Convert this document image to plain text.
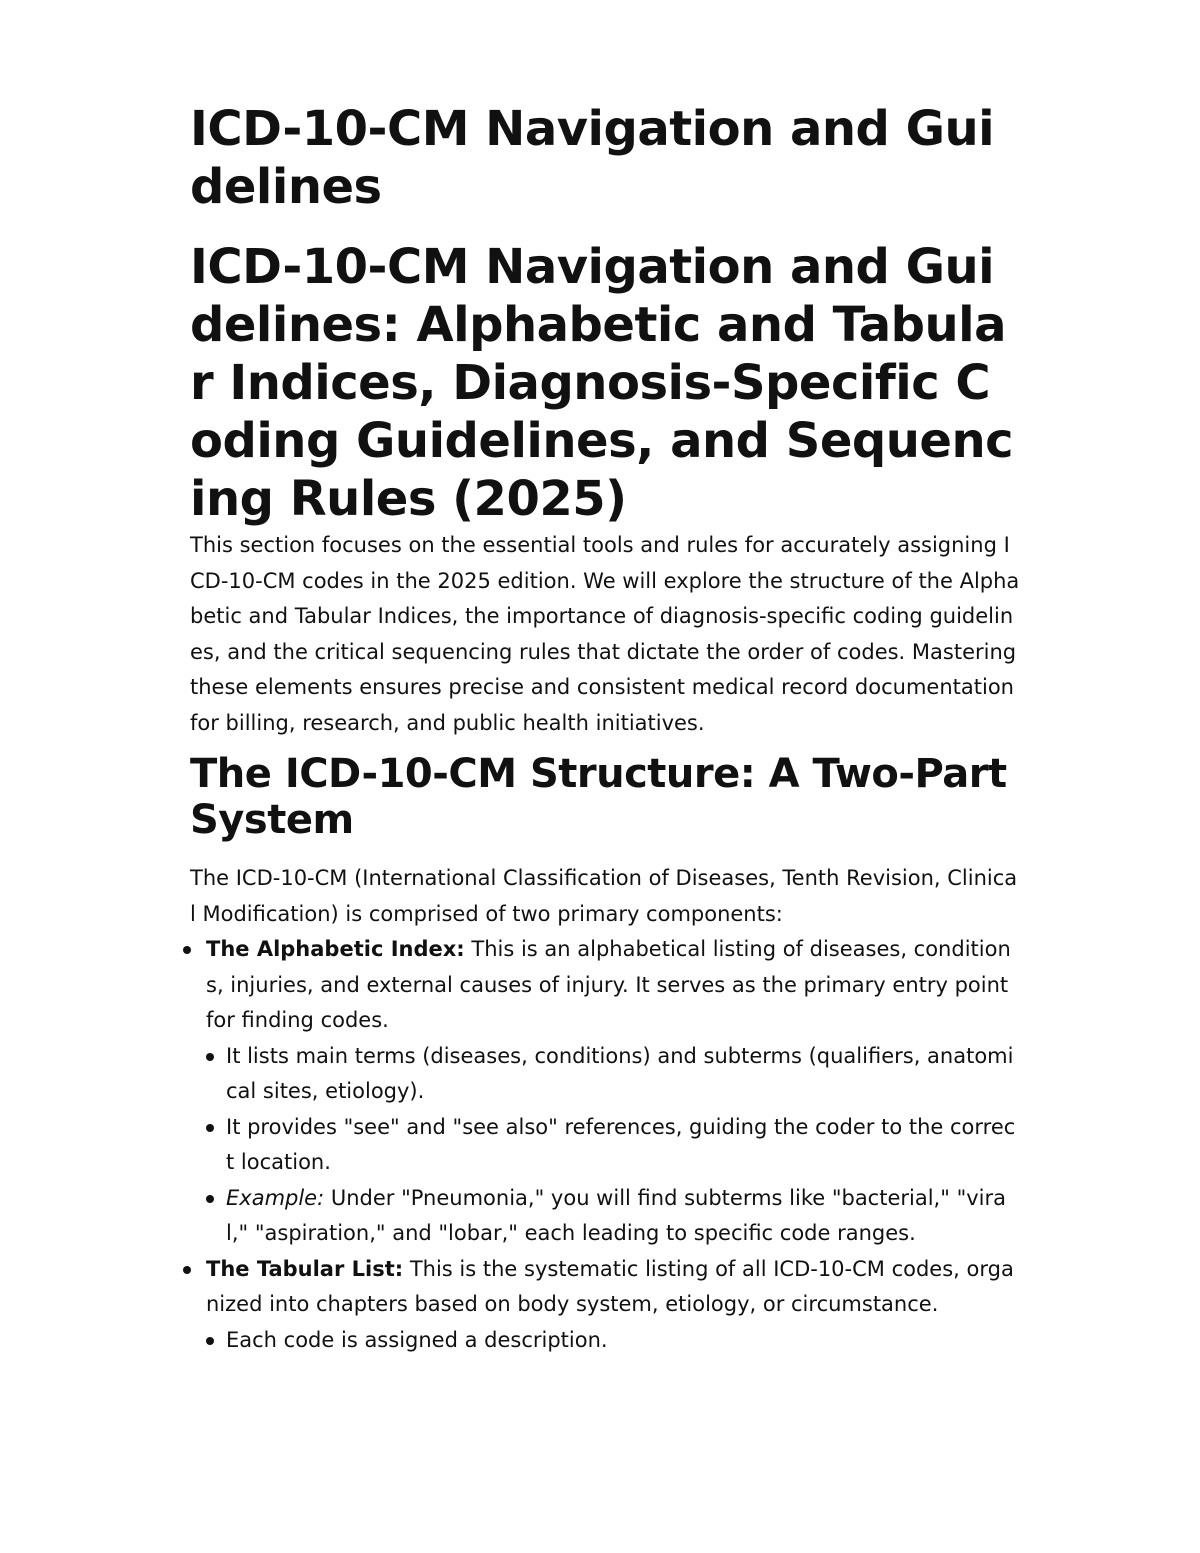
ICD-10-CM Navigation and Guidelines
ICD-10-CM Navigation and Guidelines: Alphabetic and Tabular Indices, Diagnosis-Specific Coding Guidelines, and Sequencing Rules (2025)

This section focuses on the essential tools and rules for accurately assigning ICD-10-CM codes in the 2025 edition. We will explore the structure of the Alphabetic and Tabular Indices, the importance of diagnosis-specific coding guidelines, and the critical sequencing rules that dictate the order of codes. Mastering these elements ensures precise and consistent medical record documentation for billing, research, and public health initiatives.

The ICD-10-CM Structure: A Two-Part System

The ICD-10-CM (International Classification of Diseases, Tenth Revision, Clinical Modification) is comprised of two primary components:

The Alphabetic Index: This is an alphabetical listing of diseases, conditions, injuries, and external causes of injury. It serves as the primary entry point for finding codes.
It lists main terms (diseases, conditions) and subterms (qualifiers, anatomical sites, etiology).
It provides "see" and "see also" references, guiding the coder to the correct location.
Example: Under "Pneumonia," you will find subterms like "bacterial," "viral," "aspiration," and "lobar," each leading to specific code ranges.
The Tabular List: This is the systematic listing of all ICD-10-CM codes, organized into chapters based on body system, etiology, or circumstance.
Each code is assigned a description.
